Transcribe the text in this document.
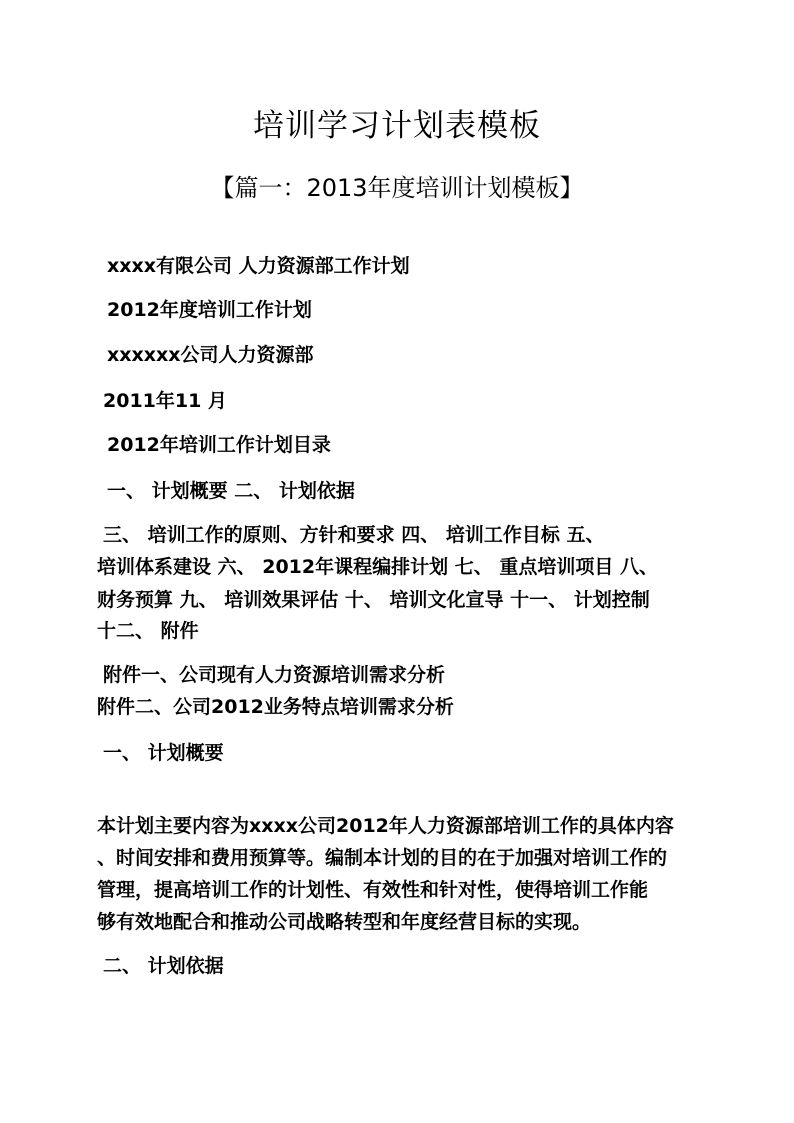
培训学习计划表模板
【篇一：2013年度培训计划模板】
xxxx有限公司 人力资源部工作计划
2012年度培训工作计划
xxxxxx公司人力资源部
2011年11 月
2012年培训工作计划目录
一、 计划概要 二、 计划依据
三、 培训工作的原则、方针和要求 四、 培训工作目标 五、
培训体系建设 六、 2012年课程编排计划 七、 重点培训项目 八、
财务预算 九、 培训效果评估 十、 培训文化宣导 十一、 计划控制
十二、 附件
附件一、公司现有人力资源培训需求分析
附件二、公司2012业务特点培训需求分析
一、 计划概要
本计划主要内容为xxxx公司2012年人力资源部培训工作的具体内容
、时间安排和费用预算等。编制本计划的目的在于加强对培训工作的
管理，提高培训工作的计划性、有效性和针对性，使得培训工作能
够有效地配合和推动公司战略转型和年度经营目标的实现。
二、 计划依据
